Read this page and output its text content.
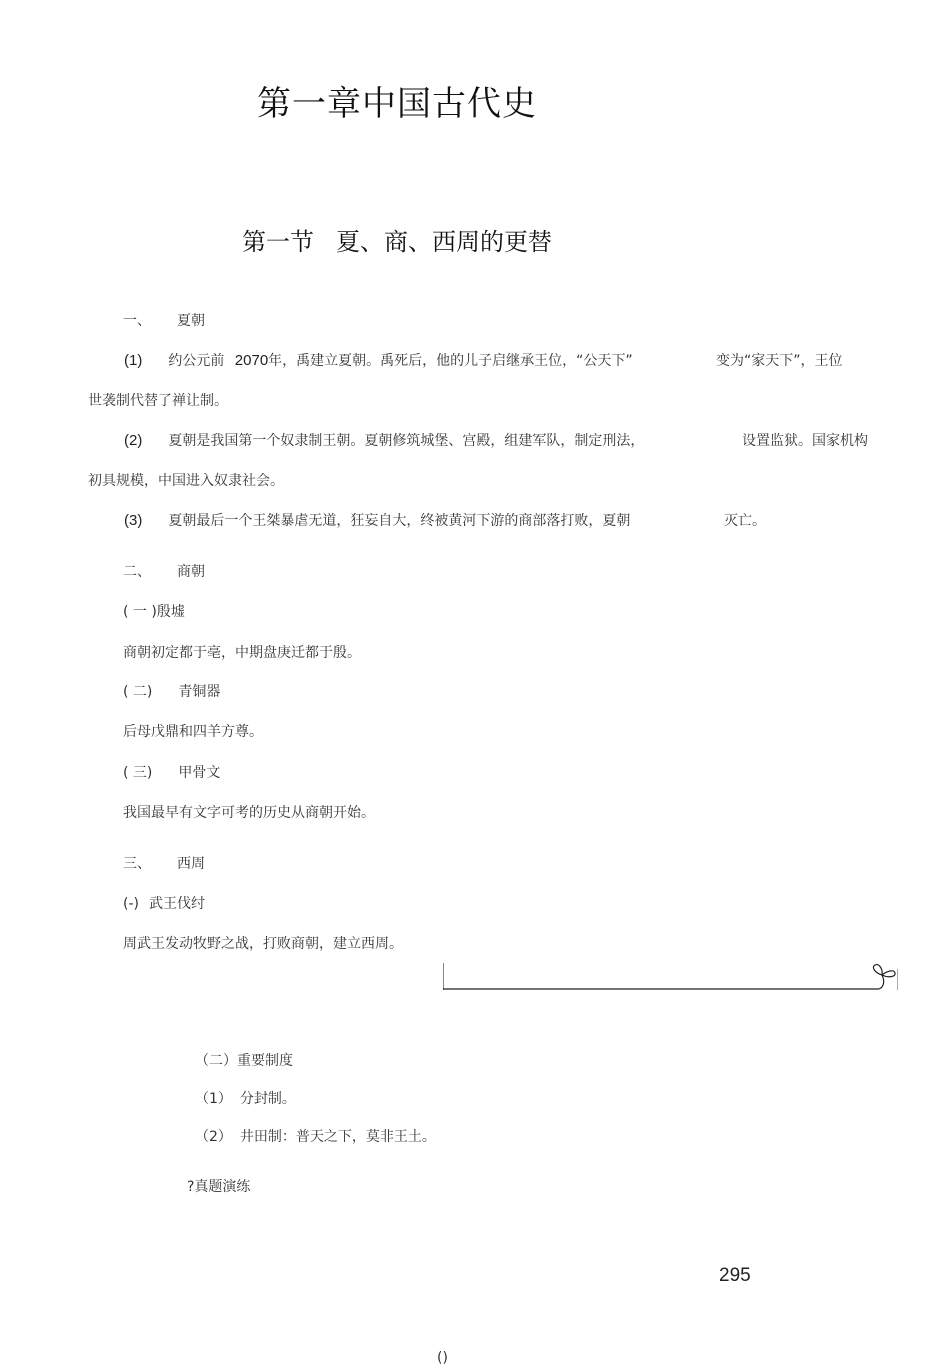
第一章中国古代史
第一节 夏、商、西周的更替
一、 夏朝
(1) 约公元前 2070年，禹建立夏朝。禹死后，他的儿子启继承王位，“公天下”	变为“家天下”，王位
世袭制代替了禅让制。
(2) 夏朝是我国第一个奴隶制王朝。夏朝修筑城堡、宫殿，组建军队，制定刑法，	设置监狱。国家机构
初具规模，中国进入奴隶社会。
(3) 夏朝最后一个王桀暴虐无道，狂妄自大，终被黄河下游的商部落打败，夏朝	灭亡。
二、 商朝
( 一 )殷墟
商朝初定都于亳，中期盘庚迁都于殷。
( 二) 青铜器
后母戊鼎和四羊方尊。
( 三) 甲骨文
我国最早有文字可考的历史从商朝开始。
三、 西周
(-) 武王伐纣
周武王发动牧野之战，打败商朝，建立西周。
（二）重要制度
（1） 分封制。
（2） 井田制：普天之下，莫非王土。
?真题演练
295
()
